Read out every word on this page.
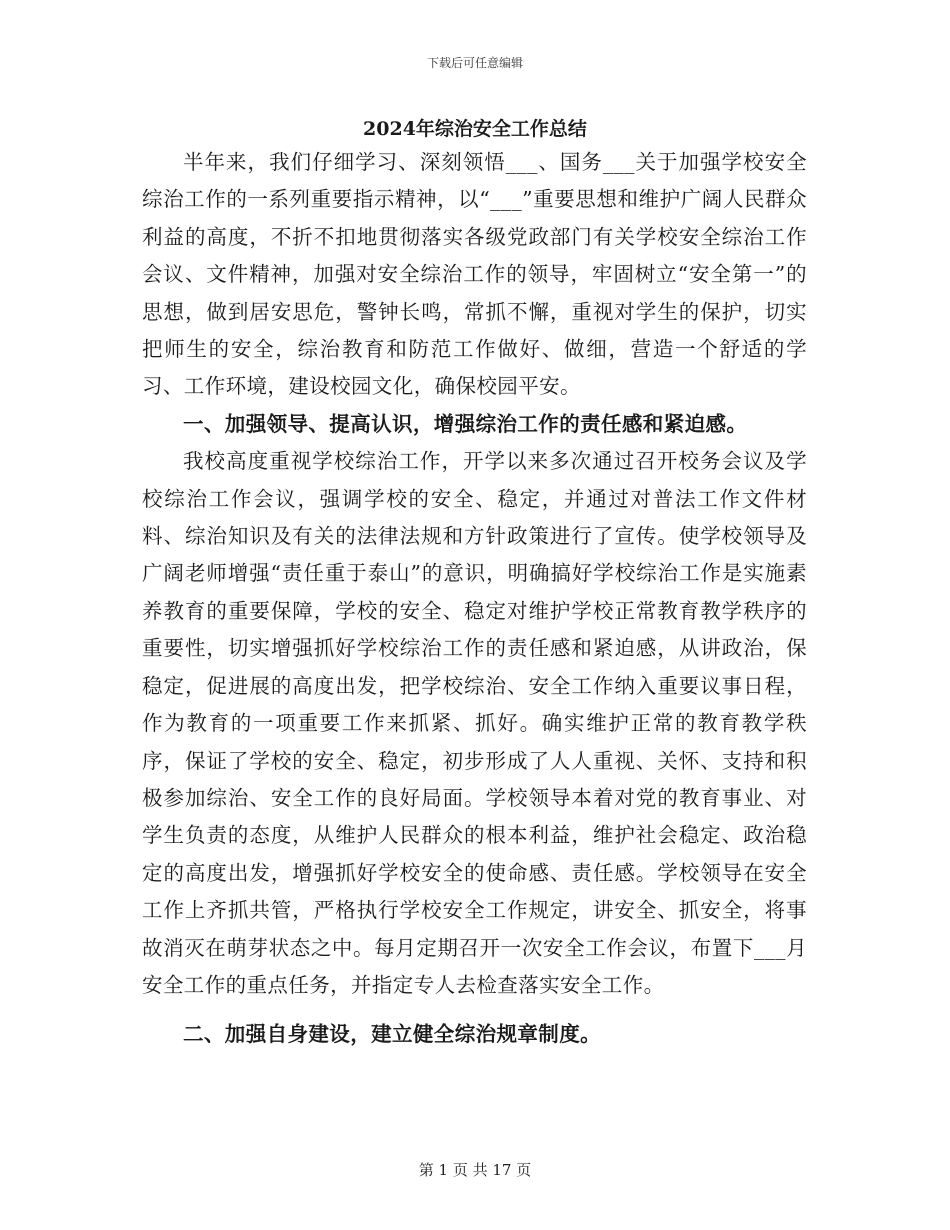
下载后可任意编辑
2024年综治安全工作总结

半年来，我们仔细学习、深刻领悟___、国务___关于加强学校安全综治工作的一系列重要指示精神，以“___”重要思想和维护广阔人民群众利益的高度，不折不扣地贯彻落实各级党政部门有关学校安全综治工作会议、文件精神，加强对安全综治工作的领导，牢固树立“安全第一”的思想，做到居安思危，警钟长鸣，常抓不懈，重视对学生的保护，切实把师生的安全，综治教育和防范工作做好、做细，营造一个舒适的学习、工作环境，建设校园文化，确保校园平安。

一、加强领导、提高认识，增强综治工作的责任感和紧迫感。

我校高度重视学校综治工作，开学以来多次通过召开校务会议及学校综治工作会议，强调学校的安全、稳定，并通过对普法工作文件材料、综治知识及有关的法律法规和方针政策进行了宣传。使学校领导及广阔老师增强“责任重于泰山”的意识，明确搞好学校综治工作是实施素养教育的重要保障，学校的安全、稳定对维护学校正常教育教学秩序的重要性，切实增强抓好学校综治工作的责任感和紧迫感，从讲政治，保稳定，促进展的高度出发，把学校综治、安全工作纳入重要议事日程，作为教育的一项重要工作来抓紧、抓好。确实维护正常的教育教学秩序，保证了学校的安全、稳定，初步形成了人人重视、关怀、支持和积极参加综治、安全工作的良好局面。学校领导本着对党的教育事业、对学生负责的态度，从维护人民群众的根本利益，维护社会稳定、政治稳定的高度出发，增强抓好学校安全的使命感、责任感。学校领导在安全工作上齐抓共管，严格执行学校安全工作规定，讲安全、抓安全，将事故消灭在萌芽状态之中。每月定期召开一次安全工作会议，布置下___月安全工作的重点任务，并指定专人去检查落实安全工作。

二、加强自身建设，建立健全综治规章制度。

第 1 页 共 17 页
